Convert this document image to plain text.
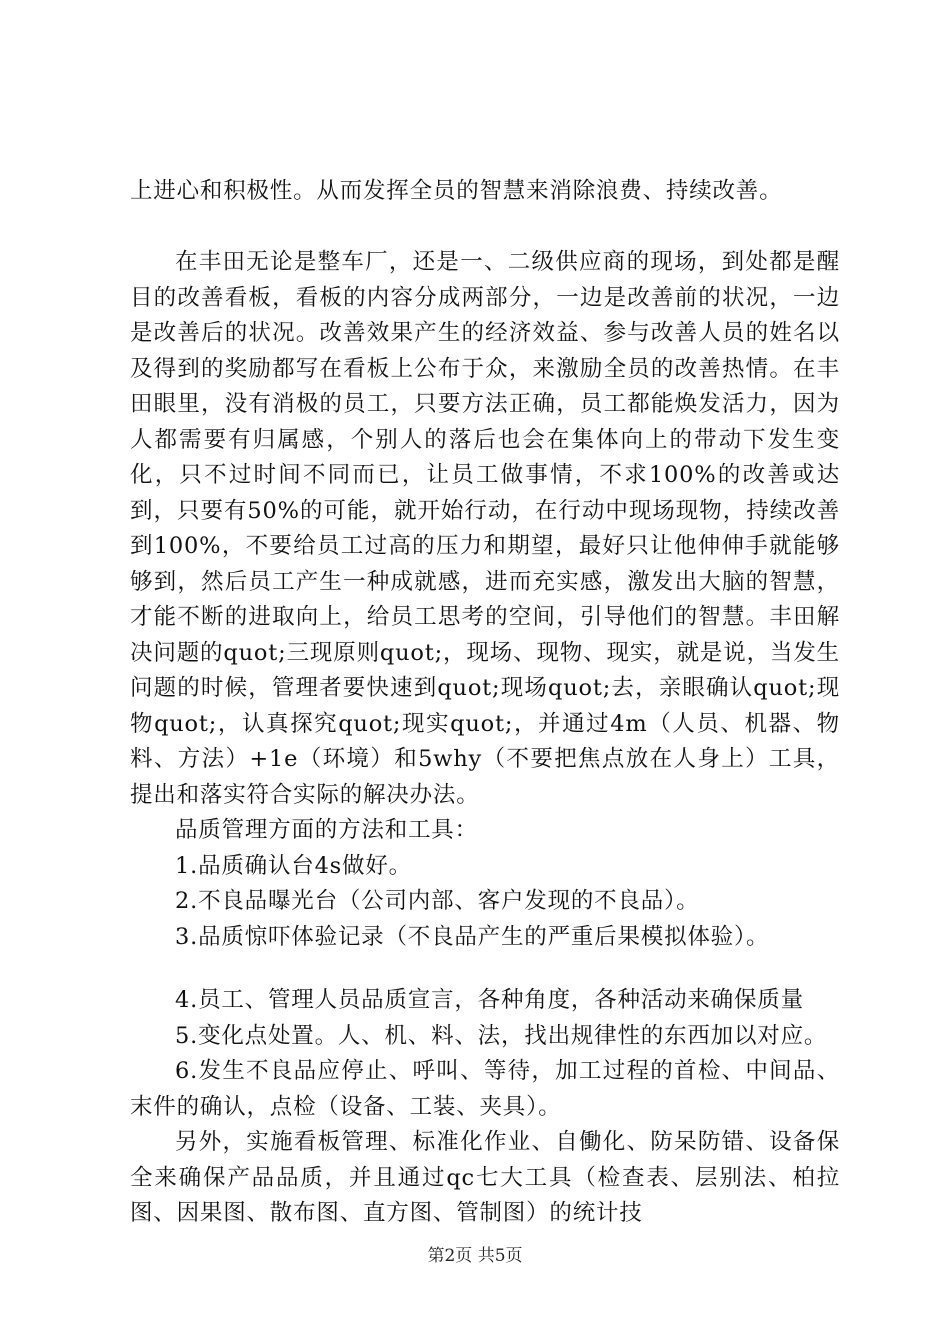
上进心和积极性。从而发挥全员的智慧来消除浪费、持续改善。

在丰田无论是整车厂，还是一、二级供应商的现场，到处都是醒目的改善看板，看板的内容分成两部分，一边是改善前的状况，一边是改善后的状况。改善效果产生的经济效益、参与改善人员的姓名以及得到的奖励都写在看板上公布于众，来激励全员的改善热情。在丰田眼里，没有消极的员工，只要方法正确，员工都能焕发活力，因为人都需要有归属感，个别人的落后也会在集体向上的带动下发生变化，只不过时间不同而已，让员工做事情，不求100%的改善或达到，只要有50%的可能，就开始行动，在行动中现场现物，持续改善到100%，不要给员工过高的压力和期望，最好只让他伸伸手就能够够到，然后员工产生一种成就感，进而充实感，激发出大脑的智慧，才能不断的进取向上，给员工思考的空间，引导他们的智慧。丰田解决问题的quot;三现原则quot;，现场、现物、现实，就是说，当发生问题的时候，管理者要快速到quot;现场quot;去，亲眼确认quot;现物quot;，认真探究quot;现实quot;，并通过4m（人员、机器、物料、方法）+1e（环境）和5why（不要把焦点放在人身上）工具，提出和落实符合实际的解决办法。

品质管理方面的方法和工具：

1.品质确认台4s做好。

2.不良品曝光台（公司内部、客户发现的不良品）。

3.品质惊吓体验记录（不良品产生的严重后果模拟体验）。

4.员工、管理人员品质宣言，各种角度，各种活动来确保质量

5.变化点处置。人、机、料、法，找出规律性的东西加以对应。

6.发生不良品应停止、呼叫、等待，加工过程的首检、中间品、末件的确认，点检（设备、工装、夹具）。

另外，实施看板管理、标准化作业、自働化、防呆防错、设备保全来确保产品品质，并且通过qc七大工具（检查表、层别法、柏拉图、因果图、散布图、直方图、管制图）的统计技

第2页 共5页
